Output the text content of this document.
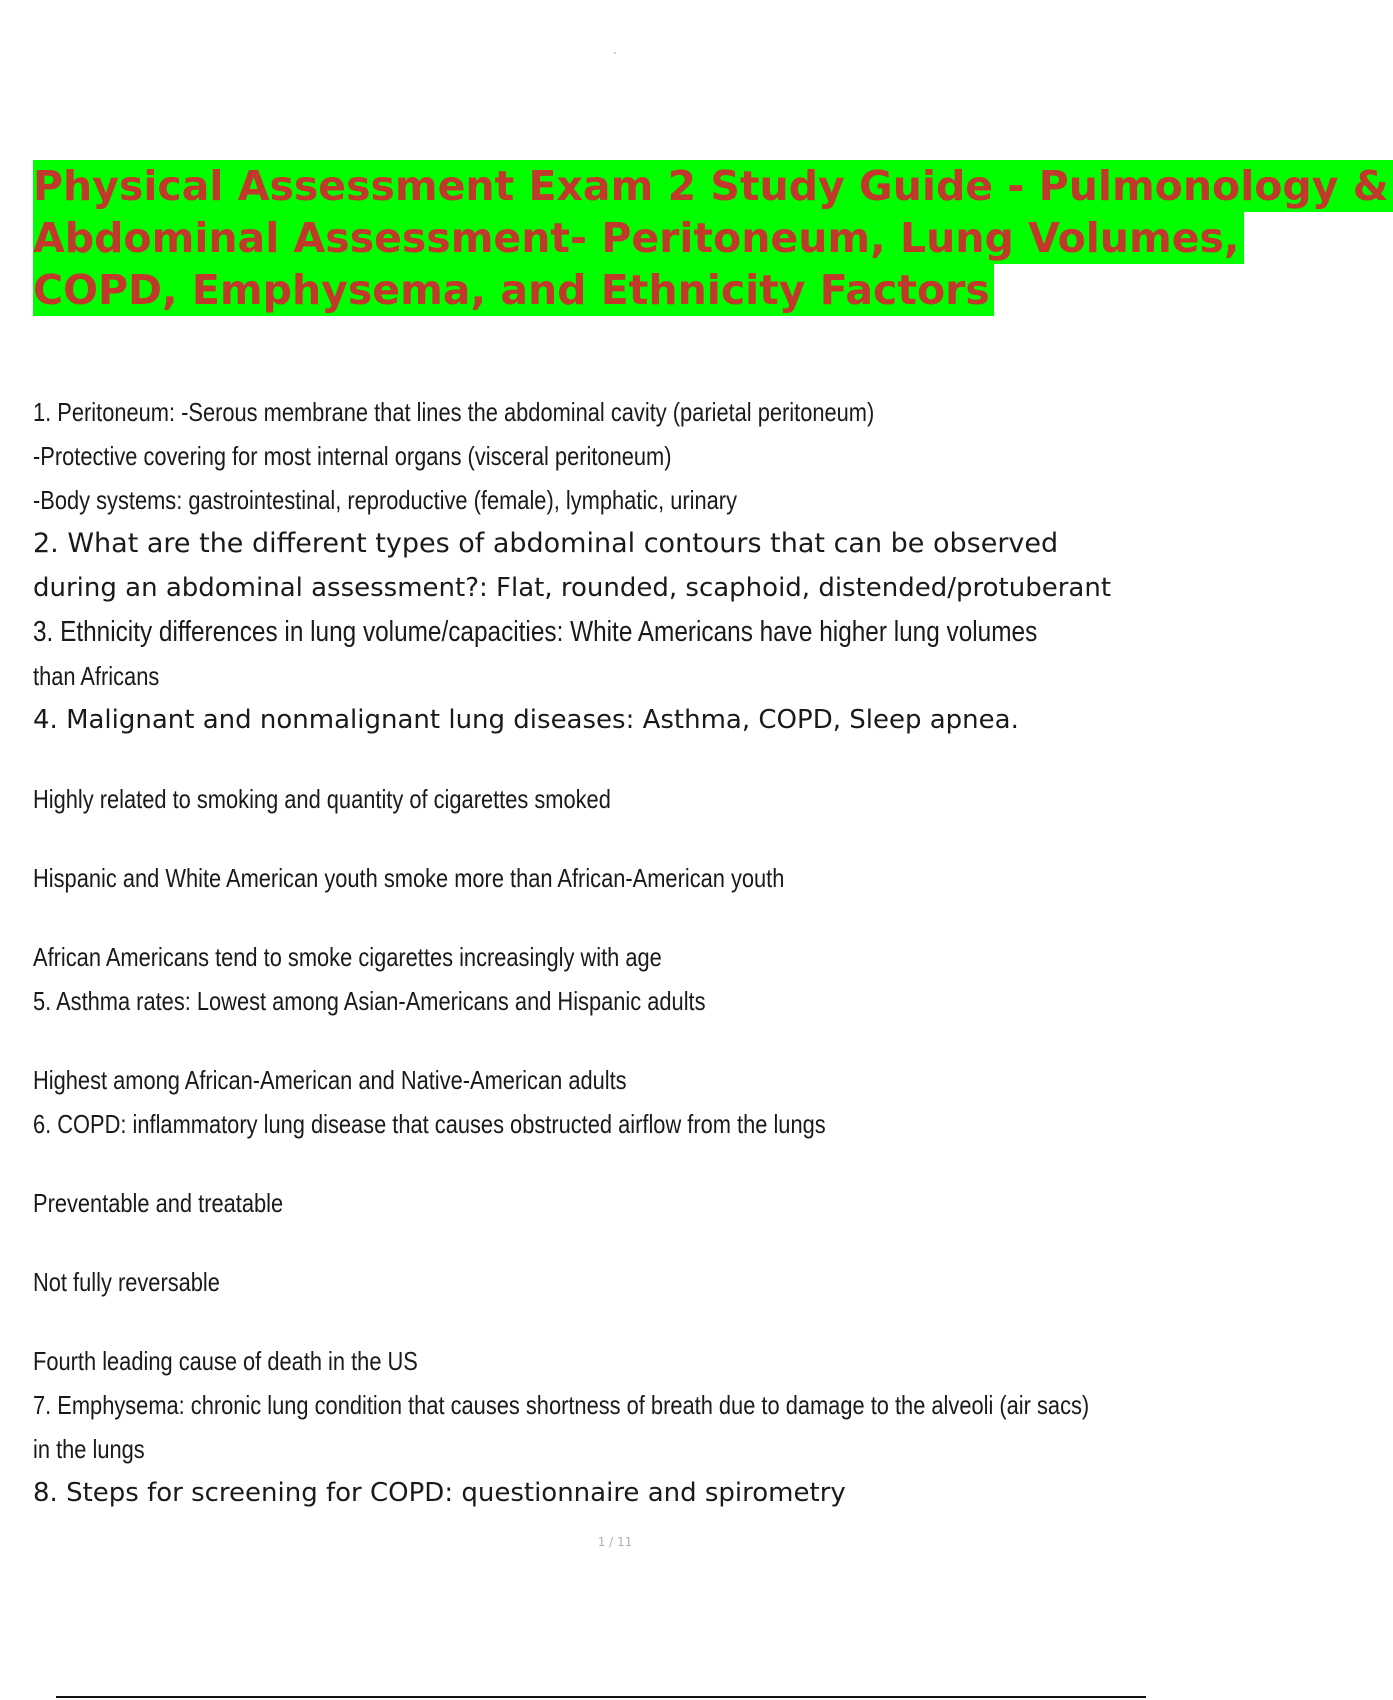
Physical Assessment Exam 2 Study Guide - Pulmonology &
Abdominal Assessment- Peritoneum, Lung Volumes,
COPD, Emphysema, and Ethnicity Factors
1. Peritoneum: -Serous membrane that lines the abdominal cavity (parietal peritoneum)
-Protective covering for most internal organs (visceral peritoneum)
-Body systems: gastrointestinal, reproductive (female), lymphatic, urinary
2. What are the different types of abdominal contours that can be observed
during an abdominal assessment?: Flat, rounded, scaphoid, distended/protuberant
3. Ethnicity differences in lung volume/capacities: White Americans have higher lung volumes
than Africans
4. Malignant and nonmalignant lung diseases: Asthma, COPD, Sleep apnea.
Highly related to smoking and quantity of cigarettes smoked
Hispanic and White American youth smoke more than African-American youth
African Americans tend to smoke cigarettes increasingly with age
5. Asthma rates: Lowest among Asian-Americans and Hispanic adults
Highest among African-American and Native-American adults
6. COPD: inflammatory lung disease that causes obstructed airflow from the lungs
Preventable and treatable
Not fully reversable
Fourth leading cause of death in the US
7. Emphysema: chronic lung condition that causes shortness of breath due to damage to the alveoli (air sacs)
in the lungs
8. Steps for screening for COPD: questionnaire and spirometry
1 / 11
